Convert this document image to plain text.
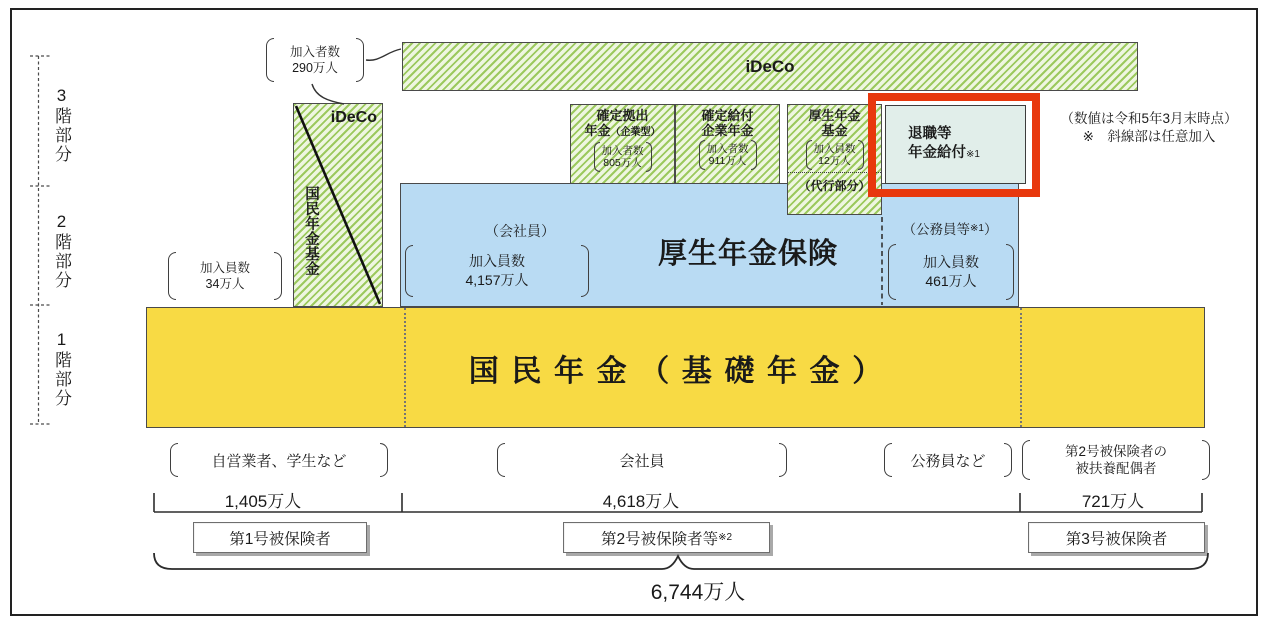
3階部分
2階部分
1階部分	国民年金（基礎年金）
（会社員）
加入員数
4,157万人
厚生年金保険
（公務員等 ※1 ）
加入員数
461万人
iDeCo
iDeCo
国民年金基金
加入者数
290万人
加入員数
34万人
確定拠出
年金（企業型）
加入者数
805万人
確定給付
企業年金
加入者数
911万人
厚生年金
基金
加入員数
12万人
（代行部分）
退職等
年金給付※1
（数値は令和5年3月末時点）
※　斜線部は任意加入
自営業者、学生など	会社員	公務員など
第2号被保険者の
被扶養配偶者
1,405万人	4,618万人	721万人
第1号被保険者	第2号被保険者等 ※2	第3号被保険者
6,744万人
